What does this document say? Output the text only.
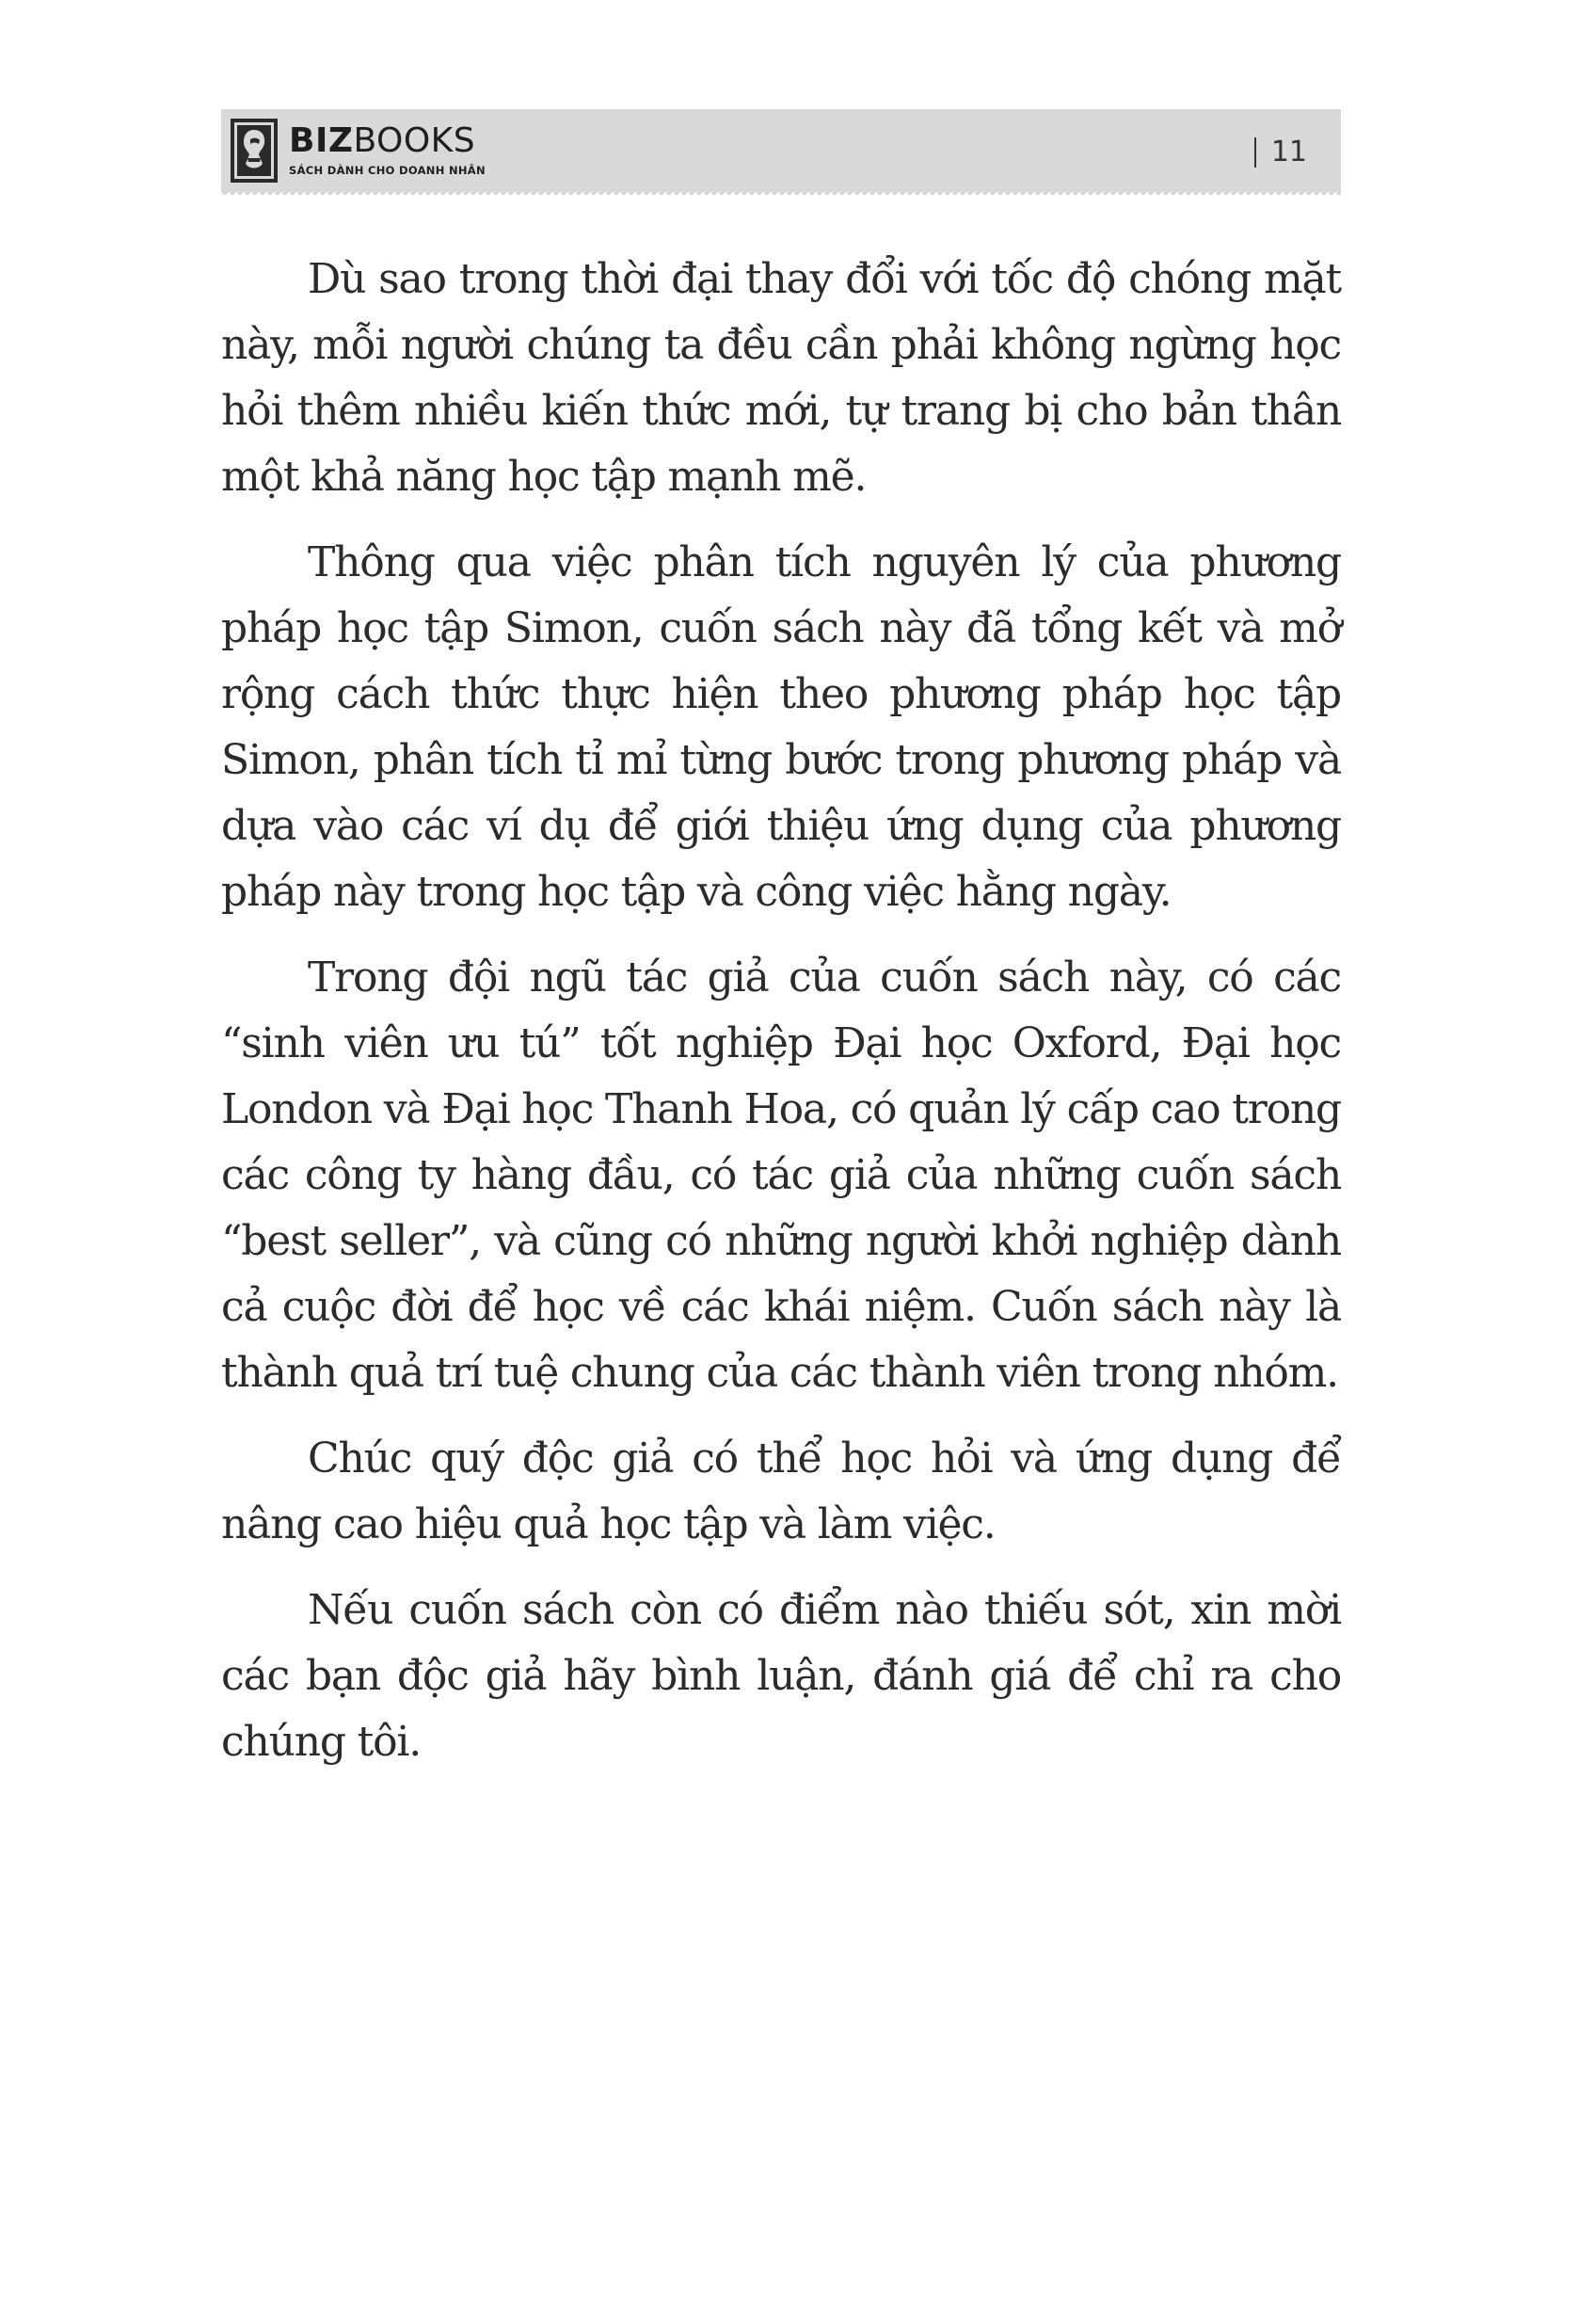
BIZBOOKS
SÁCH DÀNH CHO DOANH NHÂN
11

Dù sao trong thời đại thay đổi với tốc độ chóng mặt này, mỗi người chúng ta đều cần phải không ngừng học hỏi thêm nhiều kiến thức mới, tự trang bị cho bản thân một khả năng học tập mạnh mẽ.

Thông qua việc phân tích nguyên lý của phương pháp học tập Simon, cuốn sách này đã tổng kết và mở rộng cách thức thực hiện theo phương pháp học tập Simon, phân tích tỉ mỉ từng bước trong phương pháp và dựa vào các ví dụ để giới thiệu ứng dụng của phương pháp này trong học tập và công việc hằng ngày.

Trong đội ngũ tác giả của cuốn sách này, có các “sinh viên ưu tú” tốt nghiệp Đại học Oxford, Đại học London và Đại học Thanh Hoa, có quản lý cấp cao trong các công ty hàng đầu, có tác giả của những cuốn sách “best seller”, và cũng có những người khởi nghiệp dành cả cuộc đời để học về các khái niệm. Cuốn sách này là thành quả trí tuệ chung của các thành viên trong nhóm.

Chúc quý độc giả có thể học hỏi và ứng dụng để nâng cao hiệu quả học tập và làm việc.

Nếu cuốn sách còn có điểm nào thiếu sót, xin mời các bạn độc giả hãy bình luận, đánh giá để chỉ ra cho chúng tôi.
